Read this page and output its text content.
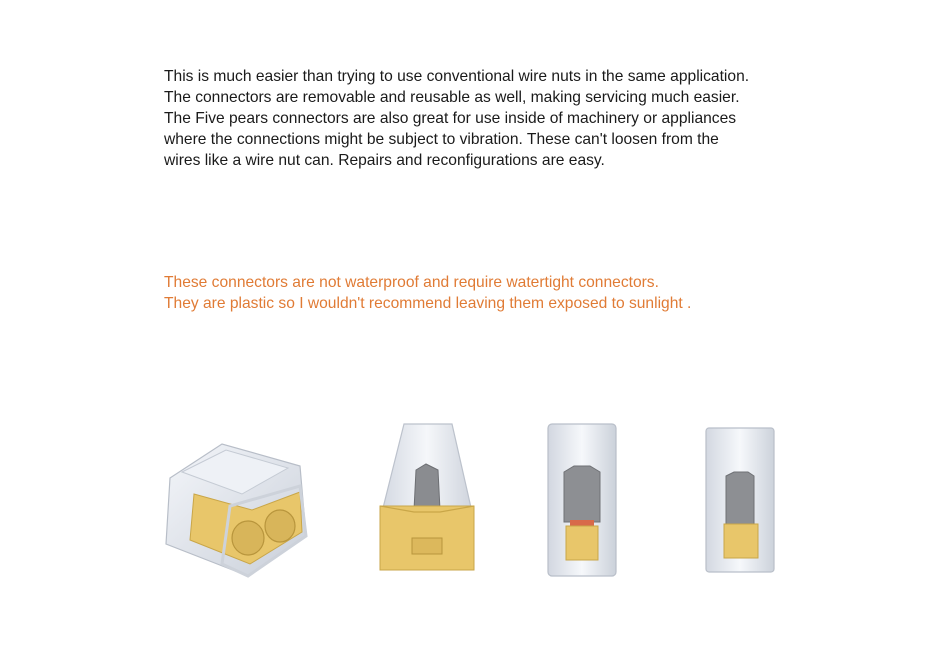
This is much easier than trying to use conventional wire nuts in the same application.
The connectors are removable and reusable as well, making servicing much easier.
The Five pears connectors are also great for use inside of machinery or appliances
where the connections might be subject to vibration. These can't loosen from the
wires like a wire nut can. Repairs and reconfigurations are easy.
These connectors are not waterproof and require watertight connectors.
They are plastic so I wouldn't recommend leaving them exposed to sunlight .
